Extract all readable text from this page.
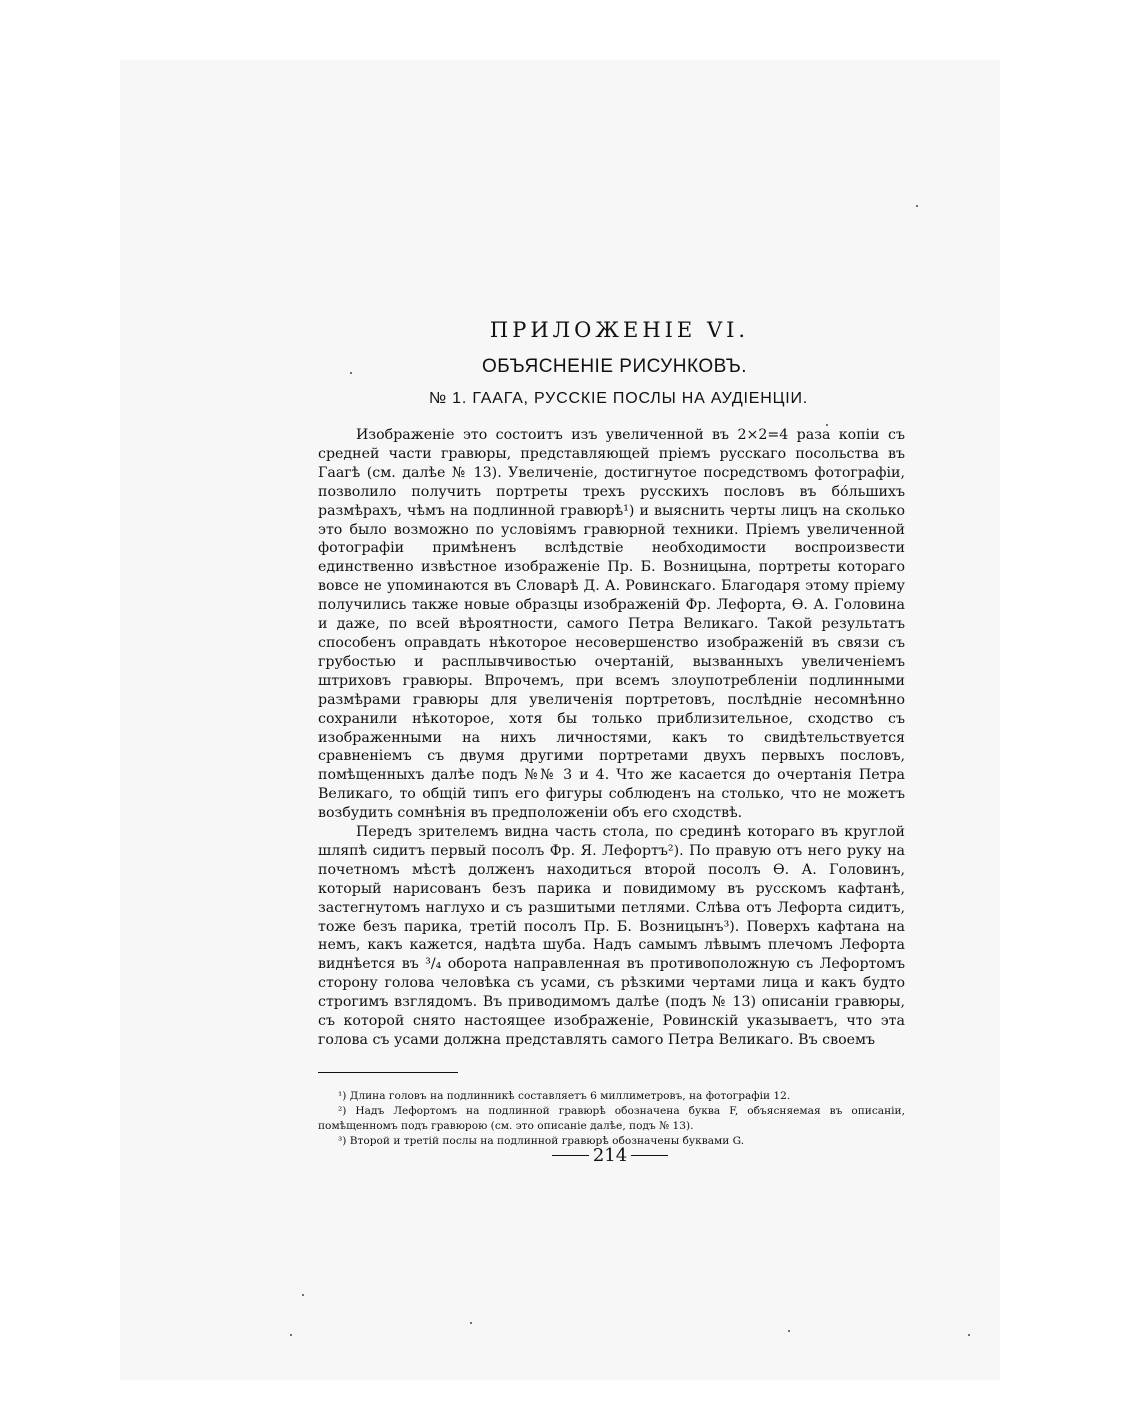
ПРИЛОЖЕНIЕ VI.
ОБЪЯСНЕНIЕ РИСУНКОВЪ.
№ 1. ГААГА, РУССКIЕ ПОСЛЫ НА АУДIЕНЦIИ.

Изображенiе это состоитъ изъ увеличенной въ 2×2=4 раза копiи съ средней части гравюры, представляющей прiемъ русскаго посольства въ Гаагѣ (см. далѣе № 13). Увеличенiе, достигнутое посредствомъ фотографiи, позволило получить портреты трехъ русскихъ пословъ въ бо́льшихъ размѣрахъ, чѣмъ на подлинной гравюрѣ¹) и выяснить черты лицъ на сколько это было возможно по условiямъ гравюрной техники. Прiемъ увеличенной фотографiи примѣненъ вслѣдствiе необходимости воспроизвести единственно извѣстное изображенiе Пр. Б. Возницына, портреты котораго вовсе не упоминаются въ Словарѣ Д. А. Ровинскаго. Благодаря этому прiему получились также новые образцы изображенiй Фр. Лефорта, Ѳ. А. Головина и даже, по всей вѣроятности, самого Петра Великаго. Такой результатъ способенъ оправдать нѣкоторое несовершенство изображенiй въ связи съ грубостью и расплывчивостью очертанiй, вызванныхъ увеличенiемъ штриховъ гравюры. Впрочемъ, при всемъ злоупотребленiи подлинными размѣрами гравюры для увеличенiя портретовъ, послѣднiе несомнѣнно сохранили нѣкоторое, хотя бы только приблизительное, сходство съ изображенными на нихъ личностями, какъ то свидѣтельствуется сравненiемъ съ двумя другими портретами двухъ первыхъ пословъ, помѣщенныхъ далѣе подъ №№ 3 и 4. Что же касается до очертанiя Петра Великаго, то общiй типъ его фигуры соблюденъ на столько, что не можетъ возбудить сомнѣнiя въ предположенiи объ его сходствѣ.

Передъ зрителемъ видна часть стола, по срединѣ котораго въ круглой шляпѣ сидитъ первый посолъ Фр. Я. Лефортъ²). По правую отъ него руку на почетномъ мѣстѣ долженъ находиться второй посолъ Ѳ. А. Головинъ, который нарисованъ безъ парика и повидимому въ русскомъ кафтанѣ, застегнутомъ наглухо и съ разшитыми петлями. Слѣва отъ Лефорта сидитъ, тоже безъ парика, третiй посолъ Пр. Б. Возницынъ³). Поверхъ кафтана на немъ, какъ кажется, надѣта шуба. Надъ самымъ лѣвымъ плечомъ Лефорта виднѣется въ ³/₄ оборота направленная въ противоположную съ Лефортомъ сторону голова человѣка съ усами, съ рѣзкими чертами лица и какъ будто строгимъ взглядомъ. Въ приводимомъ далѣе (подъ № 13) описанiи гравюры, съ которой снято настоящее изображенiе, Ровинскiй указываетъ, что эта голова съ усами должна представлять самого Петра Великаго. Въ своемъ

¹) Длина головъ на подлинникѣ составляетъ 6 миллиметровъ, на фотографiи 12.

²) Надъ Лефортомъ на подлинной гравюрѣ обозначена буква F, объясняемая въ описанiи, помѣщенномъ подъ гравюрою (см. это описанiе далѣе, подъ № 13).

³) Второй и третiй послы на подлинной гравюрѣ обозначены буквами G.

214
